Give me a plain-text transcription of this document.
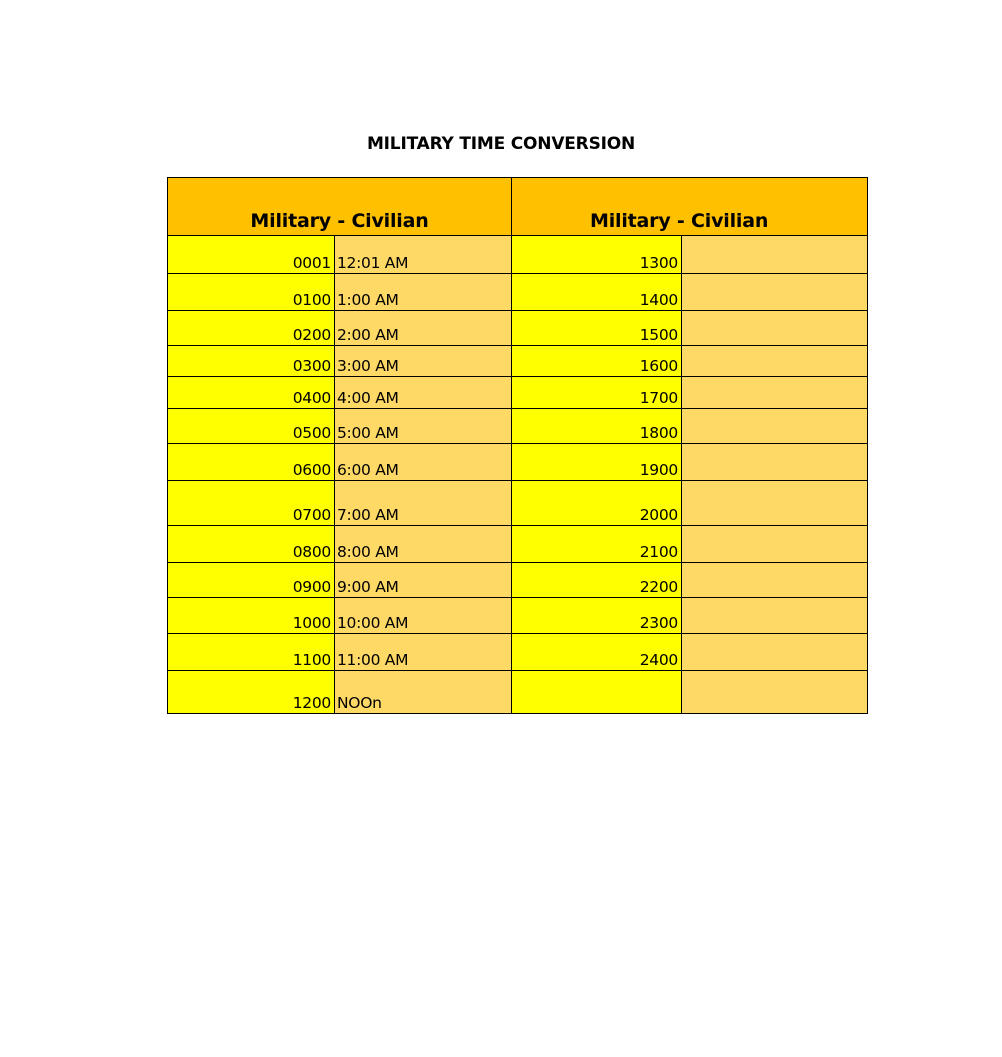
MILITARY TIME CONVERSION
Military - Civilian		Military - Civilian	
0001	12:01 AM	1300	
0100	1:00 AM	1400	
0200	2:00 AM	1500	
0300	3:00 AM	1600	
0400	4:00 AM	1700	
0500	5:00 AM	1800	
0600	6:00 AM	1900	
0700	7:00 AM	2000	
0800	8:00 AM	2100	
0900	9:00 AM	2200	
1000	10:00 AM	2300	
1100	11:00 AM	2400	
1200	NOOn		
